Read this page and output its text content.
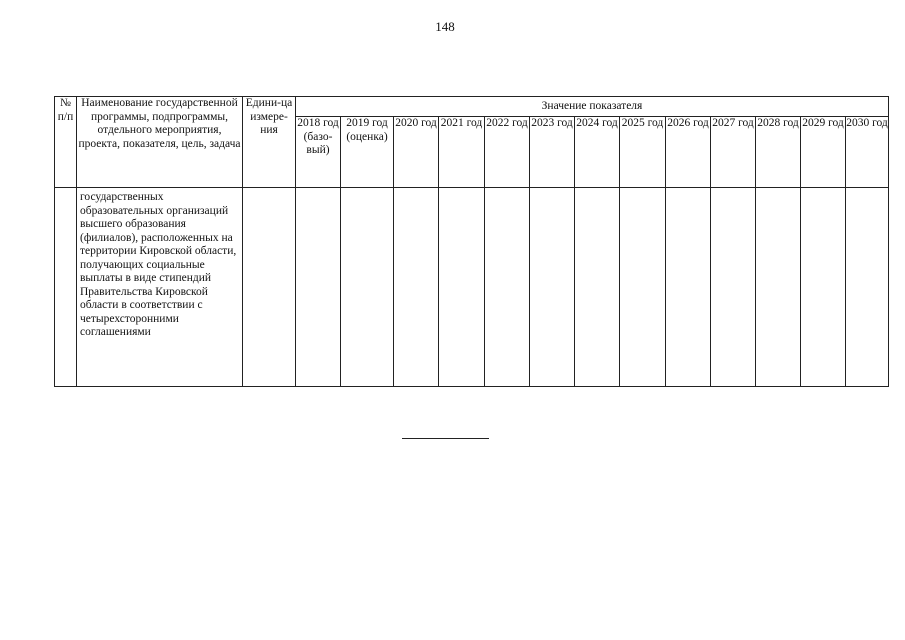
148
№ п/п	Наименование государственной программы, подпрограммы, отдельного мероприятия, проекта, показателя, цель, задача	Едини-ца измере-ния	Значение показателя												
			2018 год (базо-вый)	2019 год (оценка)	2020 год	2021 год	2022 год	2023 год	2024 год	2025 год	2026 год	2027 год	2028 год	2029 год	2030 год
	государственных образовательных организаций высшего образования (филиалов), расположенных на территории Кировской области, получающих социальные выплаты в виде стипендий Правительства Кировской области в соответствии с четырехсторонними соглашениями														
